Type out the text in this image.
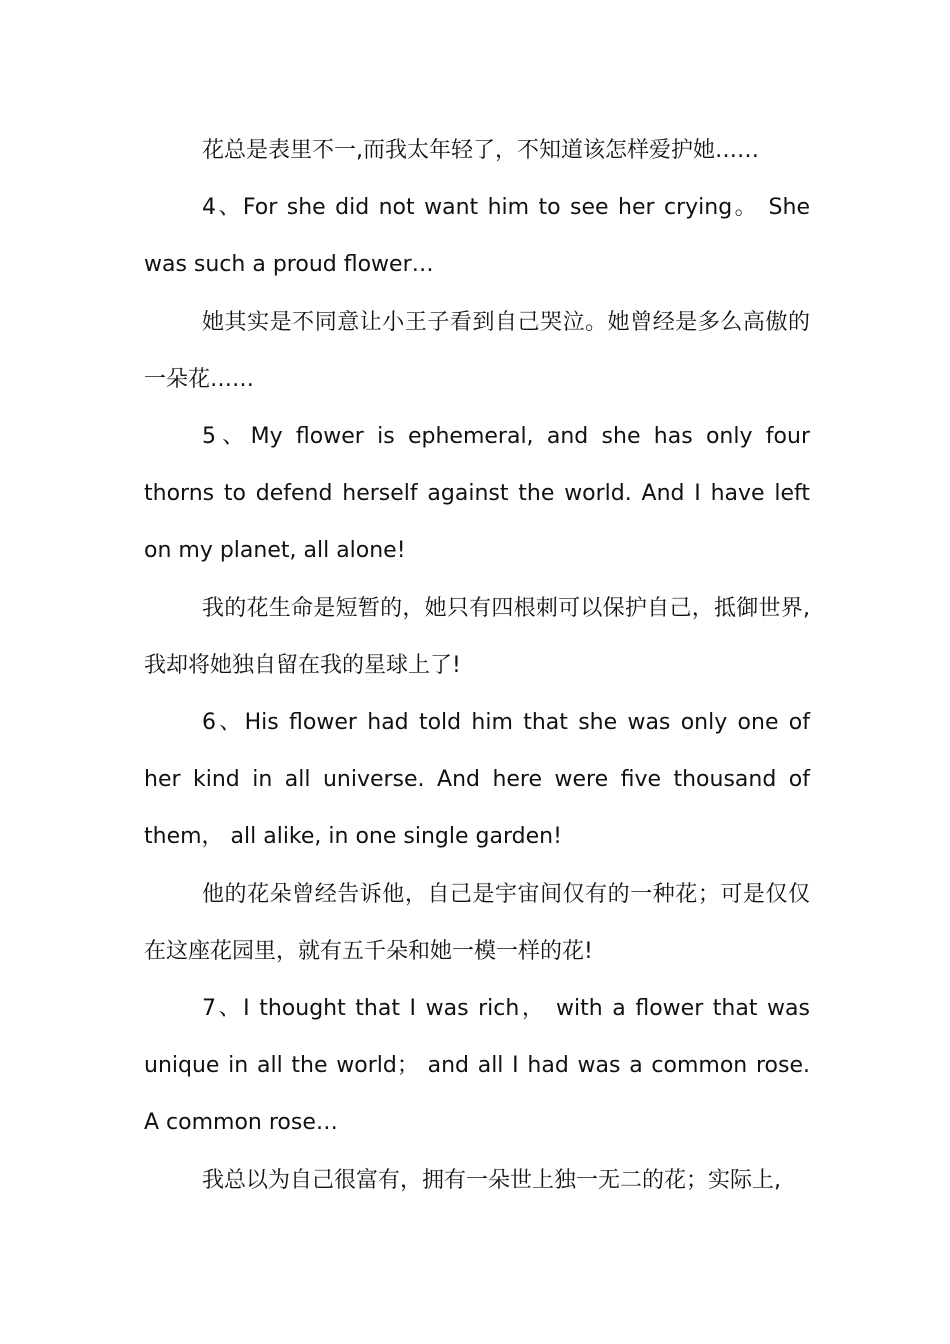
花总是表里不一,而我太年轻了，不知道该怎样爱护她……

4、For she did not want him to see her crying。 She was such a proud flower…

她其实是不同意让小王子看到自己哭泣。她曾经是多么高傲的一朵花……

5、My flower is ephemeral, and she has only four thorns to defend herself against the world. And I have left on my planet, all alone!

我的花生命是短暂的，她只有四根刺可以保护自己，抵御世界,我却将她独自留在我的星球上了!

6、His flower had told him that she was only one of her kind in all universe. And here were five thousand of them， all alike, in one single garden!

他的花朵曾经告诉他，自己是宇宙间仅有的一种花；可是仅仅在这座花园里，就有五千朵和她一模一样的花!

7、I thought that I was rich， with a flower that was unique in all the world； and all I had was a common rose. A common rose…

我总以为自己很富有，拥有一朵世上独一无二的花；实际上,
